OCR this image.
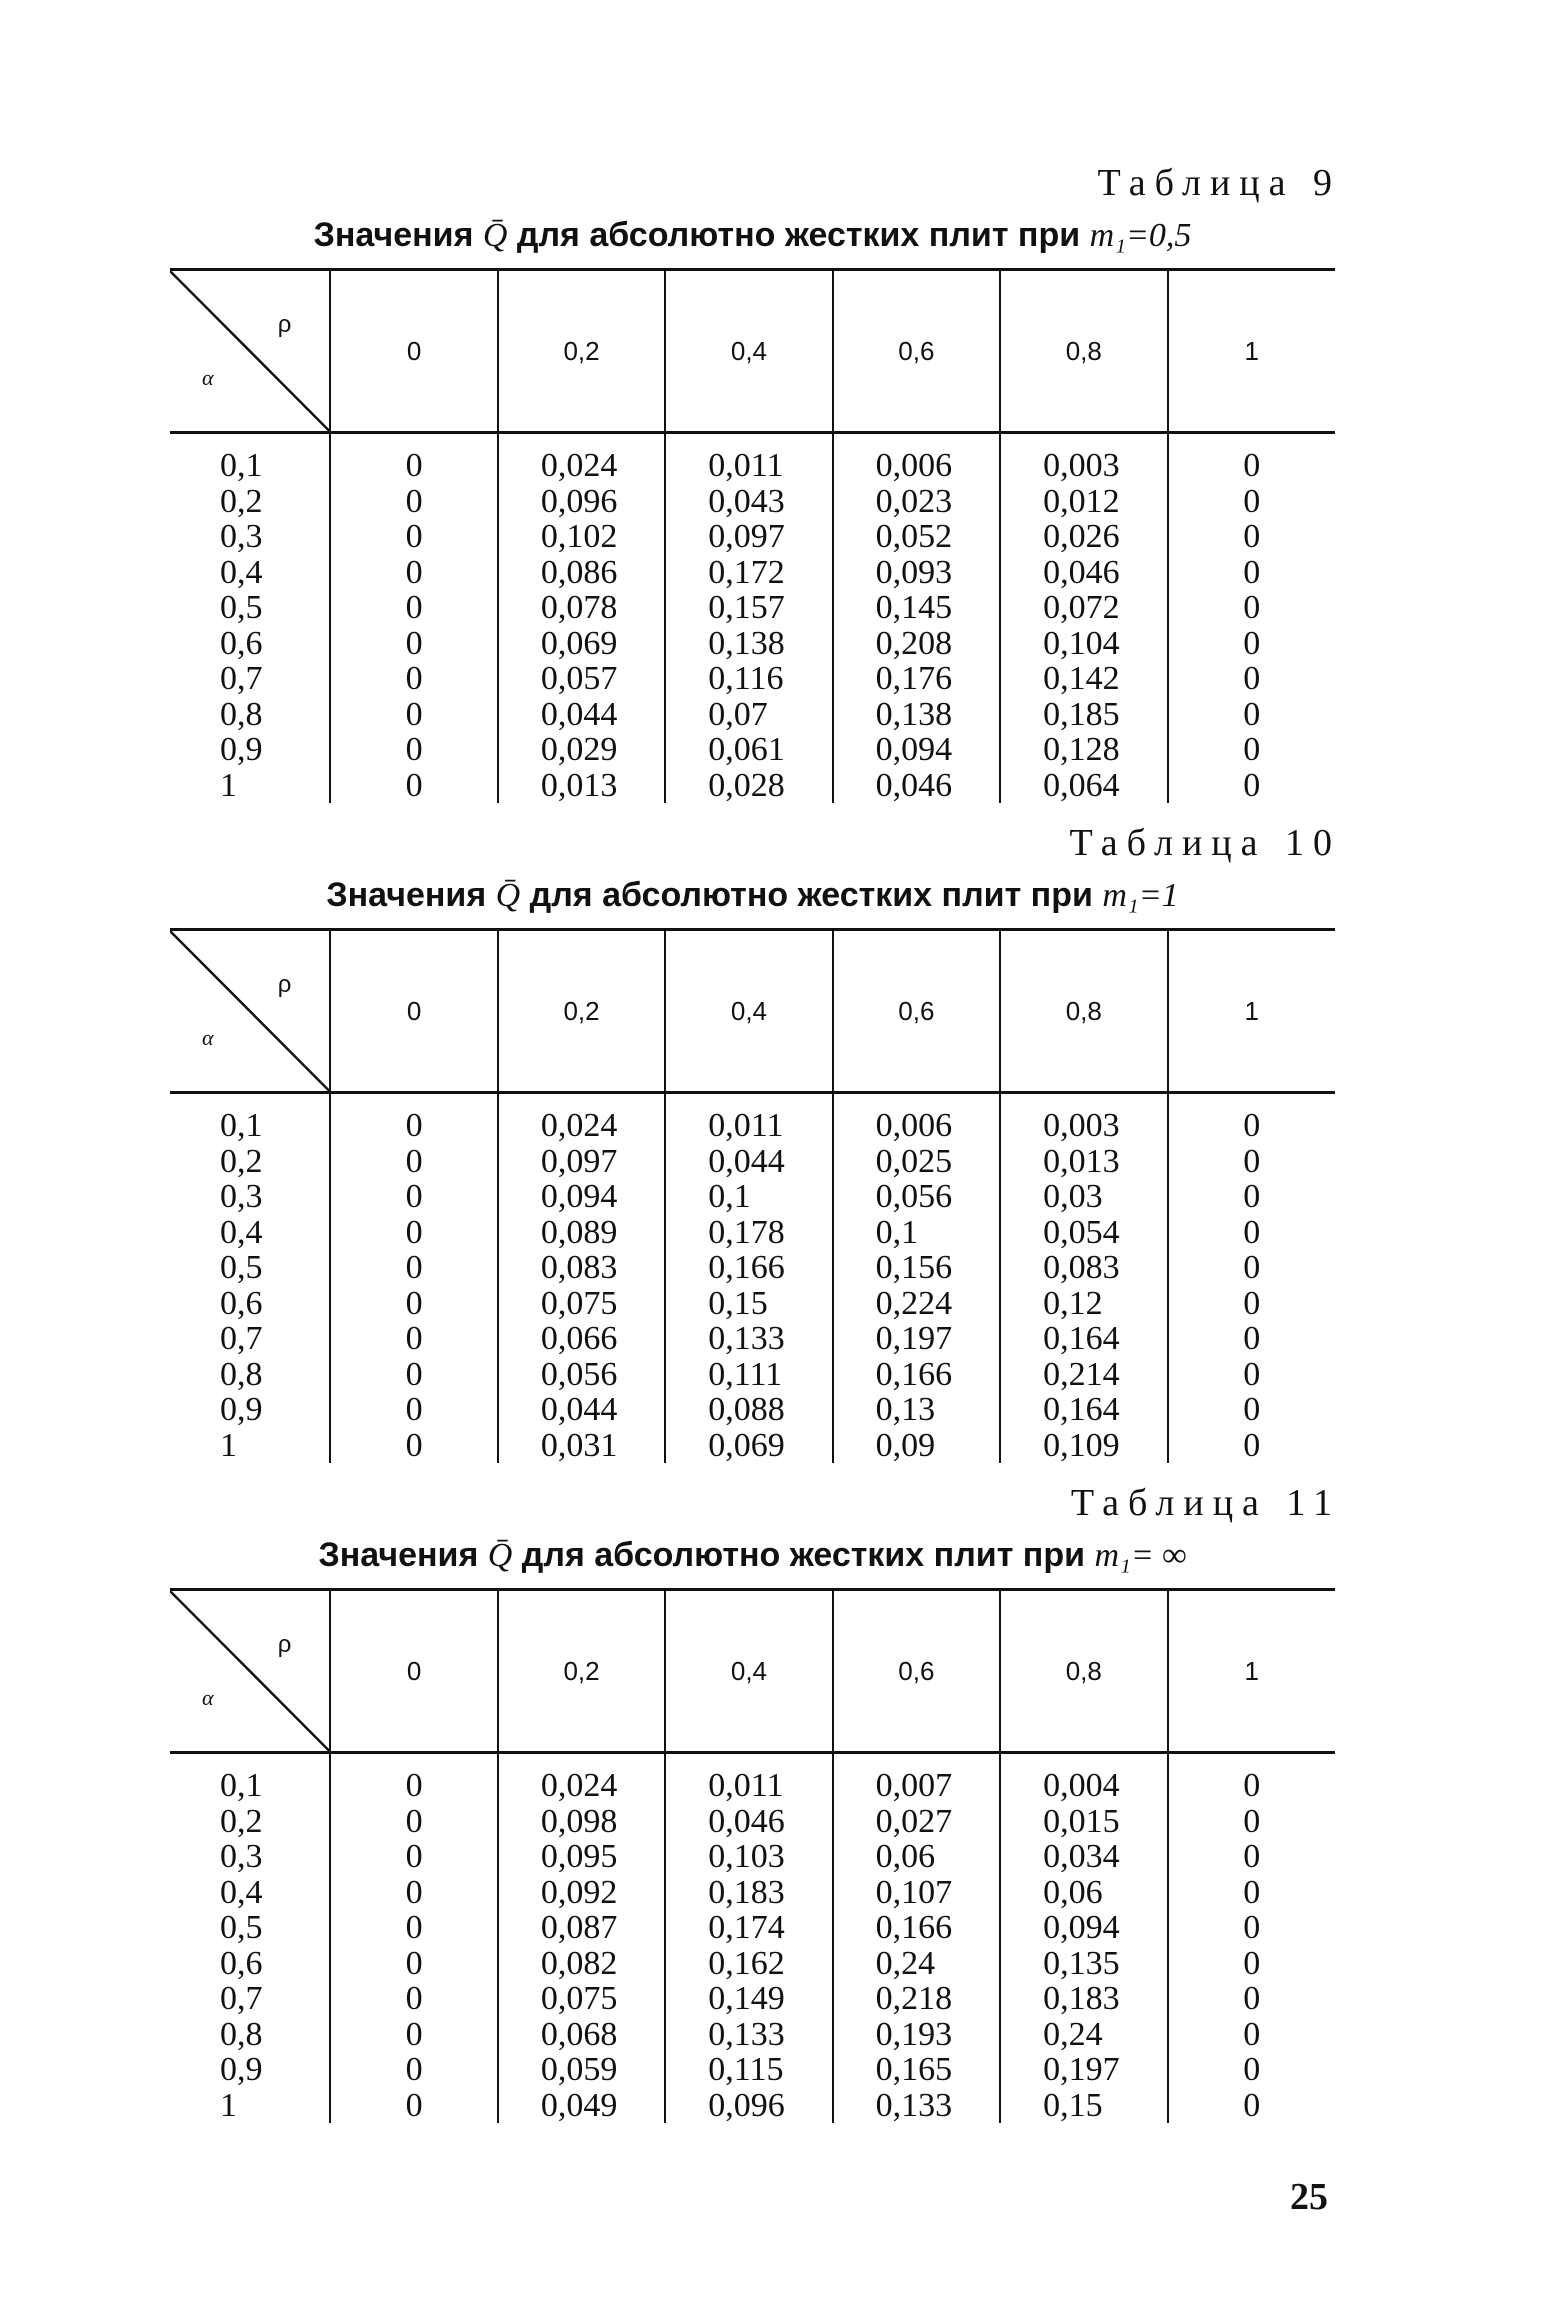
Таблица 9
Значения Q̄ для абсолютно жестких плит при m₁=0,5
ρ
α	0	0,2	0,4	0,6	0,8	1
0,1	0	0,024	0,011	0,006	0,003	0
0,2	0	0,096	0,043	0,023	0,012	0
0,3	0	0,102	0,097	0,052	0,026	0
0,4	0	0,086	0,172	0,093	0,046	0
0,5	0	0,078	0,157	0,145	0,072	0
0,6	0	0,069	0,138	0,208	0,104	0
0,7	0	0,057	0,116	0,176	0,142	0
0,8	0	0,044	0,07	0,138	0,185	0
0,9	0	0,029	0,061	0,094	0,128	0
1	0	0,013	0,028	0,046	0,064	0
Таблица 10
Значения Q̄ для абсолютно жестких плит при m₁=1
ρ
α	0	0,2	0,4	0,6	0,8	1
0,1	0	0,024	0,011	0,006	0,003	0
0,2	0	0,097	0,044	0,025	0,013	0
0,3	0	0,094	0,1	0,056	0,03	0
0,4	0	0,089	0,178	0,1	0,054	0
0,5	0	0,083	0,166	0,156	0,083	0
0,6	0	0,075	0,15	0,224	0,12	0
0,7	0	0,066	0,133	0,197	0,164	0
0,8	0	0,056	0,111	0,166	0,214	0
0,9	0	0,044	0,088	0,13	0,164	0
1	0	0,031	0,069	0,09	0,109	0
Таблица 11
Значения Q̄ для абсолютно жестких плит при m₁= ∞
ρ
α	0	0,2	0,4	0,6	0,8	1
0,1	0	0,024	0,011	0,007	0,004	0
0,2	0	0,098	0,046	0,027	0,015	0
0,3	0	0,095	0,103	0,06	0,034	0
0,4	0	0,092	0,183	0,107	0,06	0
0,5	0	0,087	0,174	0,166	0,094	0
0,6	0	0,082	0,162	0,24	0,135	0
0,7	0	0,075	0,149	0,218	0,183	0
0,8	0	0,068	0,133	0,193	0,24	0
0,9	0	0,059	0,115	0,165	0,197	0
1	0	0,049	0,096	0,133	0,15	0
25
